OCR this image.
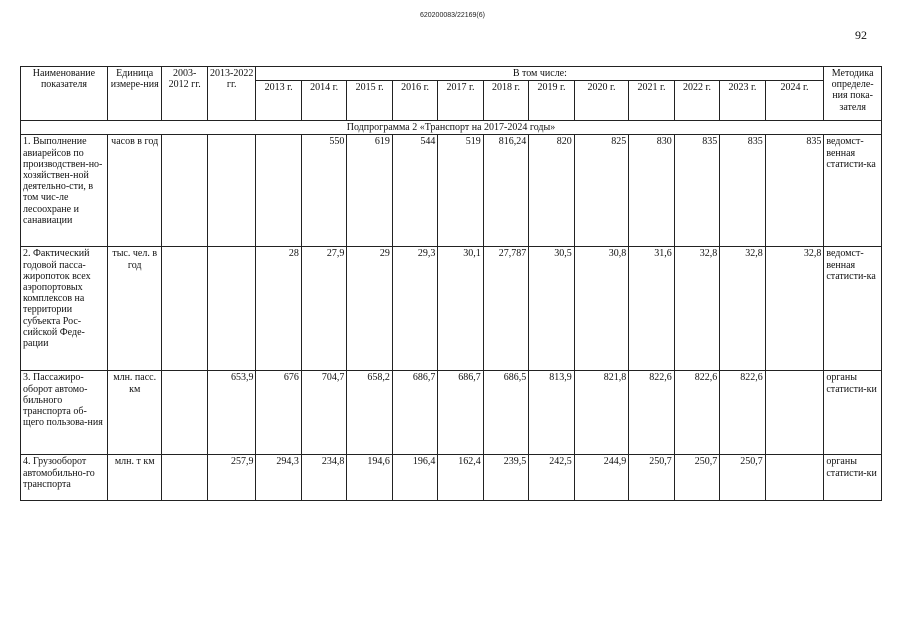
620200083/22169(6)
92
Наименование показателя	Единица измере-ния	2003-2012 гг.	2013-2022 гг.	В том числе:												Методика определе-ния пока-зателя
				2013 г.	2014 г.	2015 г.	2016 г.	2017 г.	2018 г.	2019 г.	2020 г.	2021 г.	2022 г.	2023 г.	2024 г.	
Подпрограмма 2 «Транспорт на 2017-2024 годы»																
1. Выполнение авиарейсов по производствен-но-хозяйствен-ной деятельно-сти, в том чис-ле лесоохране и санавиации	часов в год				550	619	544	519	816,24	820	825	830	835	835	835	ведомст-венная статисти-ка
2. Фактический годовой пасса-жиропоток всех аэропортовых комплексов на территории субъекта Рос-сийской Феде-рации	тыс. чел. в год			28	27,9	29	29,3	30,1	27,787	30,5	30,8	31,6	32,8	32,8	32,8	ведомст-венная статисти-ка
3. Пассажиро-оборот автомо-бильного транспорта об-щего пользова-ния	млн. пасс. км		653,9	676	704,7	658,2	686,7	686,7	686,5	813,9	821,8	822,6	822,6	822,6		органы статисти-ки
4. Грузооборот автомобильно-го транспорта	млн. т км		257,9	294,3	234,8	194,6	196,4	162,4	239,5	242,5	244,9	250,7	250,7	250,7		органы статисти-ки
